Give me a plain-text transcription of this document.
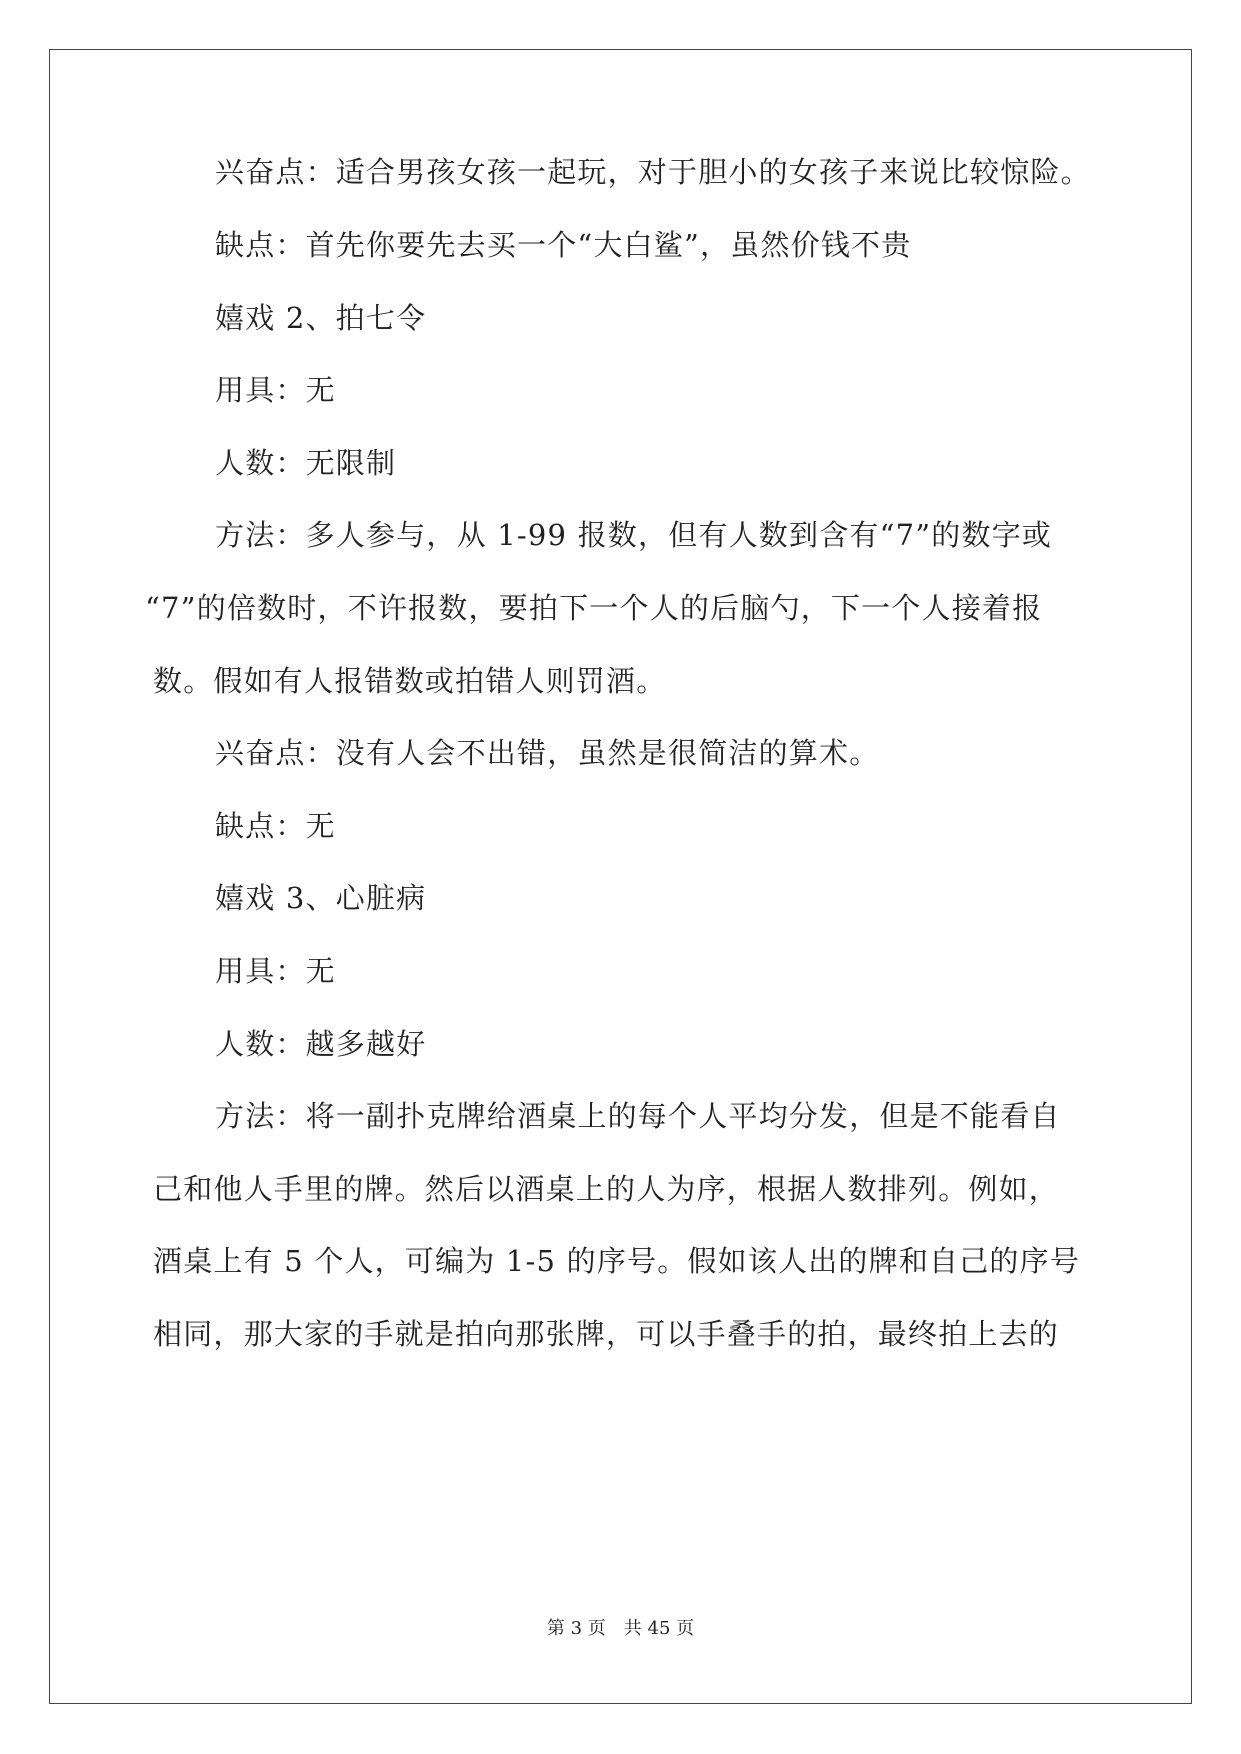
兴奋点：适合男孩女孩一起玩，对于胆小的女孩子来说比较惊险。
缺点：首先你要先去买一个“大白鲨”，虽然价钱不贵
嬉戏 2、拍七令
用具：无
人数：无限制
方法：多人参与，从 1-99 报数，但有人数到含有“7”的数字或
“7”的倍数时，不许报数，要拍下一个人的后脑勺，下一个人接着报
数。假如有人报错数或拍错人则罚酒。
兴奋点：没有人会不出错，虽然是很简洁的算术。
缺点：无
嬉戏 3、心脏病
用具：无
人数：越多越好
方法：将一副扑克牌给酒桌上的每个人平均分发，但是不能看自
己和他人手里的牌。然后以酒桌上的人为序，根据人数排列。例如，
酒桌上有 5 个人，可编为 1-5 的序号。假如该人出的牌和自己的序号
相同，那大家的手就是拍向那张牌，可以手叠手的拍，最终拍上去的
第 3 页 共 45 页
